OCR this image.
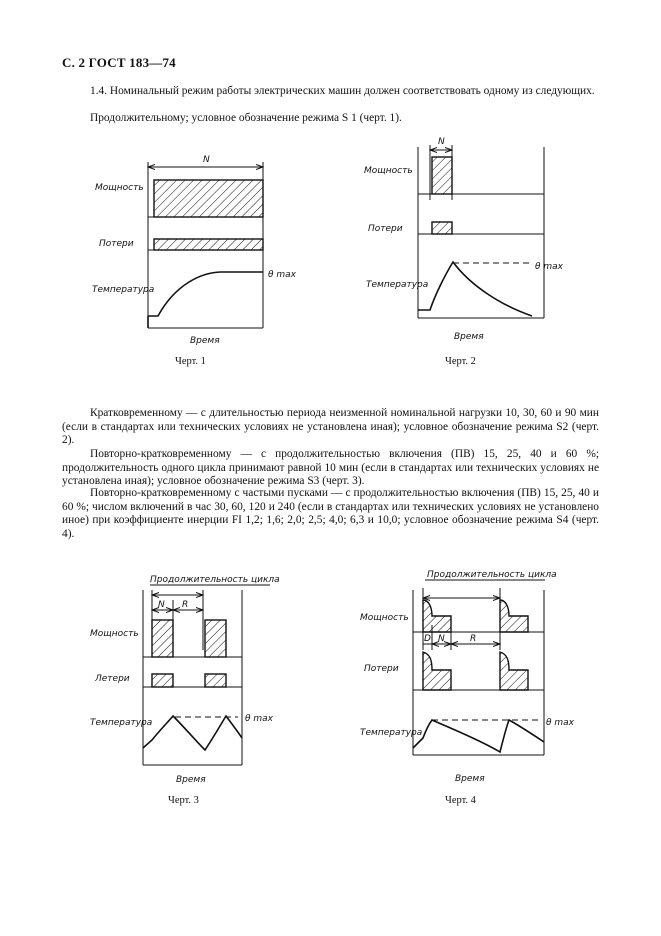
С. 2 ГОСТ 183—74
1.4. Номинальный режим работы электрических машин должен соответствовать одному из следующих.
Продолжительному; условное обозначение режима S 1 (черт. 1).
Кратковременному — с длительностью периода неизменной номинальной нагрузки 10, 30, 60 и 90 мин (если в стандартах или технических условиях не установлена иная); условное обозначение режима S2 (черт. 2).
Повторно-кратковременному — с продолжительностью включения (ПВ) 15, 25, 40 и 60 %; продолжительность одного цикла принимают равной 10 мин (если в стандартах или технических условиях не установлена иная); условное обозначение режима S3 (черт. 3).
Повторно-кратковременному с частыми пусками — с продолжительностью включения (ПВ) 15, 25, 40 и 60 %; числом включений в час 30, 60, 120 и 240 (если в стандартах или технических условиях не установлено иное) при коэффициенте инерции FI 1,2; 1,6; 2,0; 2,5; 4,0; 6,3 и 10,0; условное обозначение режима S4 (черт. 4).
N
Мощность
Потери
Температура
θ max
Время
Черт. 1
N
Мощность
Потери
Температура
θ max
Время
Черт. 2
Продолжительность цикла
N R
Мощность
Летери
Температура	θ max
Время
Черт. 3
Продолжительность цикла
D N	R
Мощность
Потери
Температура
θ max
Время
Черт. 4
